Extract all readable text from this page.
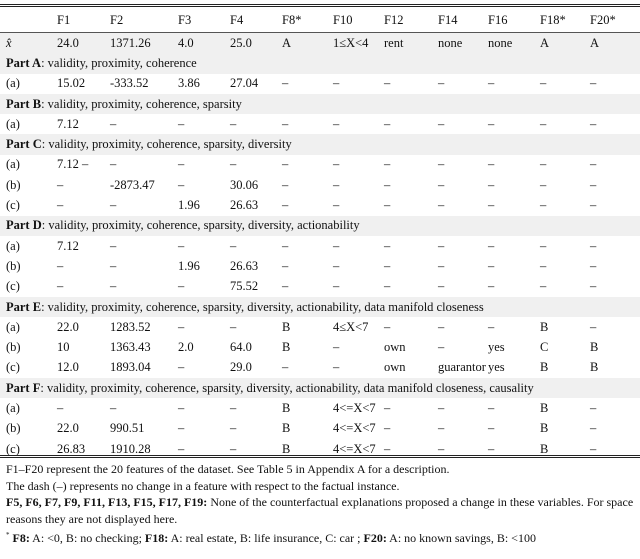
	F1	F2	F3	F4	F8*	F10	F12	F14	F16	F18*	F20*
x̂	24.0	1371.26	4.0	25.0	A	1≤X<4	rent	none	none	A	A
Part A: validity, proximity, coherence											
(a)	15.02	-333.52	3.86	27.04	–	–	–	–	–	–	–
Part B: validity, proximity, coherence, sparsity											
(a)	7.12	–	–	–	–	–	–	–	–	–	–
Part C: validity, proximity, coherence, sparsity, diversity											
(a)	7.12 –	–	–	–	–	–	–	–	–	–	–
(b)	–	-2873.47	–	30.06	–	–	–	–	–	–	–
(c)	–	–	1.96	26.63	–	–	–	–	–	–	–
Part D: validity, proximity, coherence, sparsity, diversity, actionability											
(a)	7.12	–	–	–	–	–	–	–	–	–	–
(b)	–	–	1.96	26.63	–	–	–	–	–	–	–
(c)	–	–	–	75.52	–	–	–	–	–	–	–
Part E: validity, proximity, coherence, sparsity, diversity, actionability, data manifold closeness											
(a)	22.0	1283.52	–	–	B	4≤X<7	–	–	–	B	–
(b)	10	1363.43	2.0	64.0	B	–	own	–	yes	C	B
(c)	12.0	1893.04	–	29.0	–	–	own	guarantor	yes	B	B
Part F: validity, proximity, coherence, sparsity, diversity, actionability, data manifold closeness, causality											
(a)	–	–	–	–	B	4<=X<7	–	–	–	B	–
(b)	22.0	990.51	–	–	B	4<=X<7	–	–	–	B	–
(c)	26.83	1910.28	–	–	B	4<=X<7	–	–	–	B	–

F1–F20 represent the 20 features of the dataset. See Table 5 in Appendix A for a description.

The dash (–) represents no change in a feature with respect to the factual instance.

F5, F6, F7, F9, F11, F13, F15, F17, F19: None of the counterfactual explanations proposed a change in these variables. For space reasons they are not displayed here.

* F8: A: <0, B: no checking; F18: A: real estate, B: life insurance, C: car ; F20: A: no known savings, B: <100
